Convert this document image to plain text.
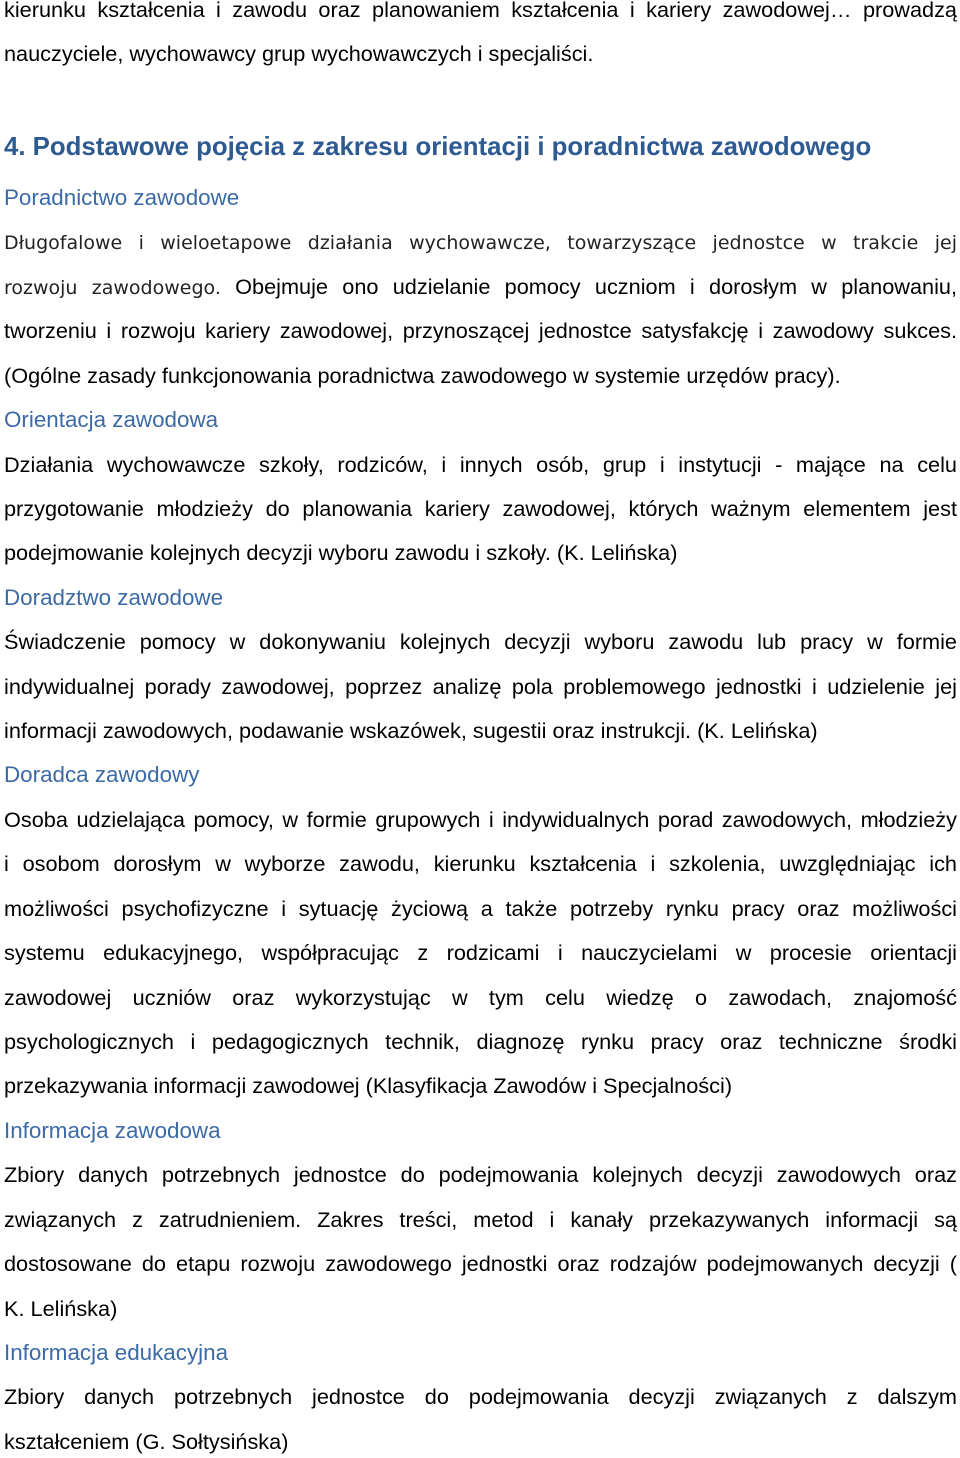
kierunku kształcenia i zawodu oraz planowaniem kształcenia i kariery zawodowej… prowadzą
nauczyciele, wychowawcy grup wychowawczych i specjaliści.
4. Podstawowe pojęcia z zakresu orientacji i poradnictwa zawodowego
Poradnictwo zawodowe
Długofalowe i wieloetapowe działania wychowawcze, towarzyszące jednostce w trakcie jej
rozwoju zawodowego. Obejmuje ono udzielanie pomocy uczniom i dorosłym w planowaniu,
tworzeniu i rozwoju kariery zawodowej, przynoszącej jednostce satysfakcję i zawodowy sukces.
(Ogólne zasady funkcjonowania poradnictwa zawodowego w systemie urzędów pracy).
Orientacja zawodowa
Działania wychowawcze szkoły, rodziców, i innych osób, grup i instytucji - mające na celu
przygotowanie młodzieży do planowania kariery zawodowej, których ważnym elementem jest
podejmowanie kolejnych decyzji wyboru zawodu i szkoły. (K. Lelińska)
Doradztwo zawodowe
Świadczenie pomocy w dokonywaniu kolejnych decyzji wyboru zawodu lub pracy w formie
indywidualnej porady zawodowej, poprzez analizę pola problemowego jednostki i udzielenie jej
informacji zawodowych, podawanie wskazówek, sugestii oraz instrukcji. (K. Lelińska)
Doradca zawodowy
Osoba udzielająca pomocy, w formie grupowych i indywidualnych porad zawodowych, młodzieży
i osobom dorosłym w wyborze zawodu, kierunku kształcenia i szkolenia, uwzględniając ich
możliwości psychofizyczne i sytuację życiową a także potrzeby rynku pracy oraz możliwości
systemu edukacyjnego, współpracując z rodzicami i nauczycielami w procesie orientacji
zawodowej uczniów oraz wykorzystując w tym celu wiedzę o zawodach, znajomość
psychologicznych i pedagogicznych technik, diagnozę rynku pracy oraz techniczne środki
przekazywania informacji zawodowej (Klasyfikacja Zawodów i Specjalności)
Informacja zawodowa
Zbiory danych potrzebnych jednostce do podejmowania kolejnych decyzji zawodowych oraz
związanych z zatrudnieniem. Zakres treści, metod i kanały przekazywanych informacji są
dostosowane do etapu rozwoju zawodowego jednostki oraz rodzajów podejmowanych decyzji (
K. Lelińska)
Informacja edukacyjna
Zbiory danych potrzebnych jednostce do podejmowania decyzji związanych z dalszym
kształceniem (G. Sołtysińska)
